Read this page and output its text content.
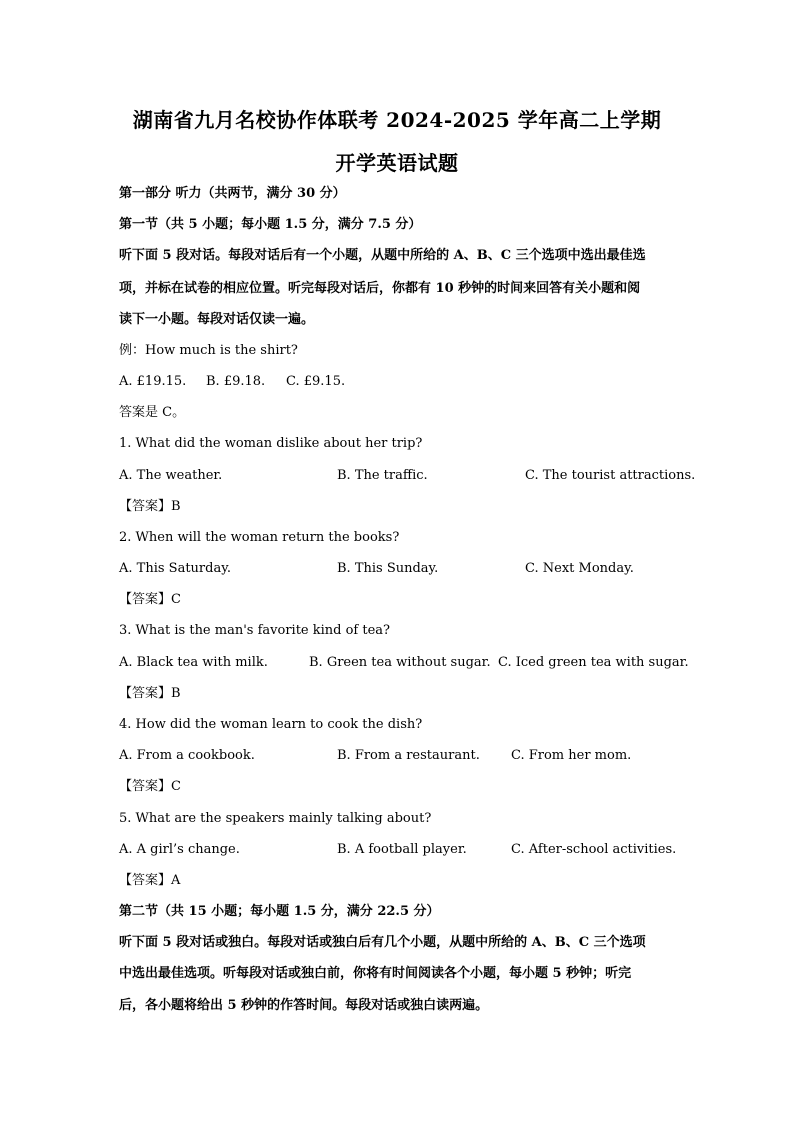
湖南省九月名校协作体联考 2024-2025 学年高二上学期
开学英语试题
第一部分 听力（共两节，满分 30 分）
第一节（共 5 小题；每小题 1.5 分，满分 7.5 分）
听下面 5 段对话。每段对话后有一个小题，从题中所给的 A、B、C 三个选项中选出最佳选
项，并标在试卷的相应位置。听完每段对话后，你都有 10 秒钟的时间来回答有关小题和阅
读下一小题。每段对话仅读一遍。
例：How much is the shirt?
A. £19.15. B. £9.18. C. £9.15.
答案是 C。
1. What did the woman dislike about her trip?
A. The weather.	B. The traffic.	C. The tourist attractions.
【答案】B
2. When will the woman return the books?
A. This Saturday.	B. This Sunday.	C. Next Monday.
【答案】C
3. What is the man's favorite kind of tea?
A. Black tea with milk.	B. Green tea without sugar. C. Iced green tea with sugar.
【答案】B
4. How did the woman learn to cook the dish?
A. From a cookbook.	B. From a restaurant. C. From her mom.
【答案】C
5. What are the speakers mainly talking about?
A. A girl’s change.	B. A football player.	C. After-school activities.
【答案】A
第二节（共 15 小题；每小题 1.5 分，满分 22.5 分）
听下面 5 段对话或独白。每段对话或独白后有几个小题，从题中所给的 A、B、C 三个选项
中选出最佳选项。听每段对话或独白前，你将有时间阅读各个小题，每小题 5 秒钟；听完
后，各小题将给出 5 秒钟的作答时间。每段对话或独白读两遍。
